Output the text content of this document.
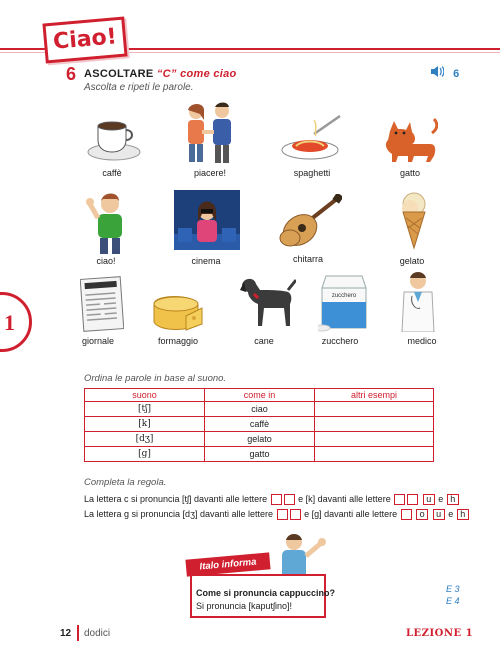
Ciao!
1
6 ASCOLTARE “C” come ciao
Ascolta e ripeti le parole.
6
caffè	piacere!	spaghetti	gatto
ciao!	cinema	chitarra	gelato
zucchero
giornale	formaggio	cane	zucchero	medico
Ordina le parole in base al suono.
suono	come in	altri esempi
[tʃ]	ciao	
[k]	caffè	
[dʒ]	gelato	
[g]	gatto	
Completa la regola.
La lettera c si pronuncia [tʃ] davanti alle lettere	e [k] davanti alle lettere	u e h
La lettera g si pronuncia [dʒ] davanti alle lettere	e [g] davanti alle lettere	o u e h
Italo informa
Come si pronuncia cappuccino?
Si pronuncia [kaputʃino]!
E 3
E 4
12 dodici	LEZIONE 1
